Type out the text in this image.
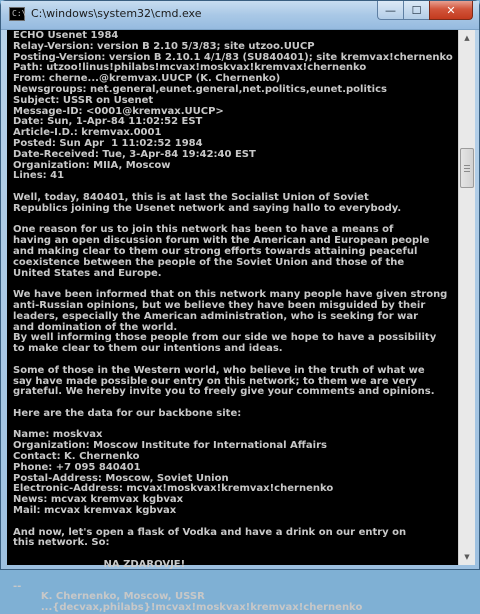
C:\ C:\windows\system32\cmd.exe	— ☐ ✕
ECHO Usenet 1984
Relay-Version: version B 2.10 5/3/83; site utzoo.UUCP
Posting-Version: version B 2.10.1 4/1/83 (SU840401); site kremvax!chernenko
Path: utzoo!linus!philabs!mcvax!moskvax!kremvax!chernenko
From: cherne...@kremvax.UUCP (K. Chernenko)
Newsgroups: net.general,eunet.general,net.politics,eunet.politics
Subject: USSR on Usenet
Message-ID: <0001@kremvax.UUCP>
Date: Sun, 1-Apr-84 11:02:52 EST
Article-I.D.: kremvax.0001
Posted: Sun Apr  1 11:02:52 1984
Date-Received: Tue, 3-Apr-84 19:42:40 EST
Organization: MIIA, Moscow
Lines: 41

Well, today, 840401, this is at last the Socialist Union of Soviet
Republics joining the Usenet network and saying hallo to everybody.

One reason for us to join this network has been to have a means of
having an open discussion forum with the American and European people
and making clear to them our strong efforts towards attaining peaceful
coexistence between the people of the Soviet Union and those of the
United States and Europe.

We have been informed that on this network many people have given strong
anti-Russian opinions, but we believe they have been misguided by their
leaders, especially the American administration, who is seeking for war
and domination of the world.
By well informing those people from our side we hope to have a possibility
to make clear to them our intentions and ideas.

Some of those in the Western world, who believe in the truth of what we
say have made possible our entry on this network; to them we are very
grateful. We hereby invite you to freely give your comments and opinions.

Here are the data for our backbone site:

Name: moskvax
Organization: Moscow Institute for International Affairs
Contact: K. Chernenko
Phone: +7 095 840401
Postal-Address: Moscow, Soviet Union
Electronic-Address: mcvax!moskvax!kremvax!chernenko
News: mcvax kremvax kgbvax
Mail: mcvax kremvax kgbvax

And now, let's open a flask of Vodka and have a drink on our entry on
this network. So:

NA ZDAROVJE!

--
K. Chernenko, Moscow, USSR
...{decvax,philabs}!mcvax!moskvax!kremvax!chernenko

▲
▼
